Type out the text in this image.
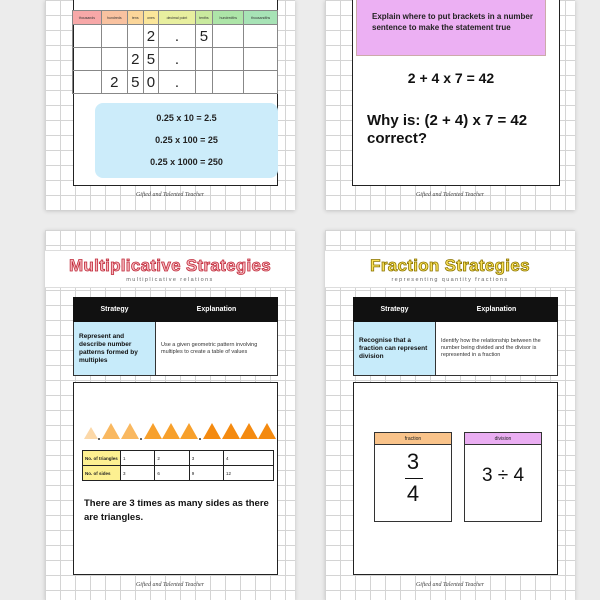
thousands	hundreds	tens	ones	decimal point	tenths	hundredths	thousandths
			2	.	5		
		2	5	.			
	2	5	0	.			
0.25 x 10 = 2.5
0.25 x 100 = 25
0.25 x 1000 = 250
Gifted and Talented Teacher
Explain where to put brackets in a number sentence to make the statement true
2 + 4 x 7 = 42
Why is: (2 + 4) x 7 = 42 correct?
Gifted and Talented Teacher
Multiplicative Strategies
multiplicative relations
Strategy	Explanation
Represent and describe number patterns formed by multiples	Use a given geometric pattern involving multiples to create a table of values
No. of triangles	1	2	3	4
No. of sides	3	6	9	12
There are 3 times as many sides as there are triangles.
Gifted and Talented Teacher
Fraction Strategies
representing quantity fractions
Strategy	Explanation
Recognise that a fraction can represent division	Identify how the relationship between the number being divided and the divisor is represented in a fraction
fraction
3
4
division
3 ÷ 4
Gifted and Talented Teacher
